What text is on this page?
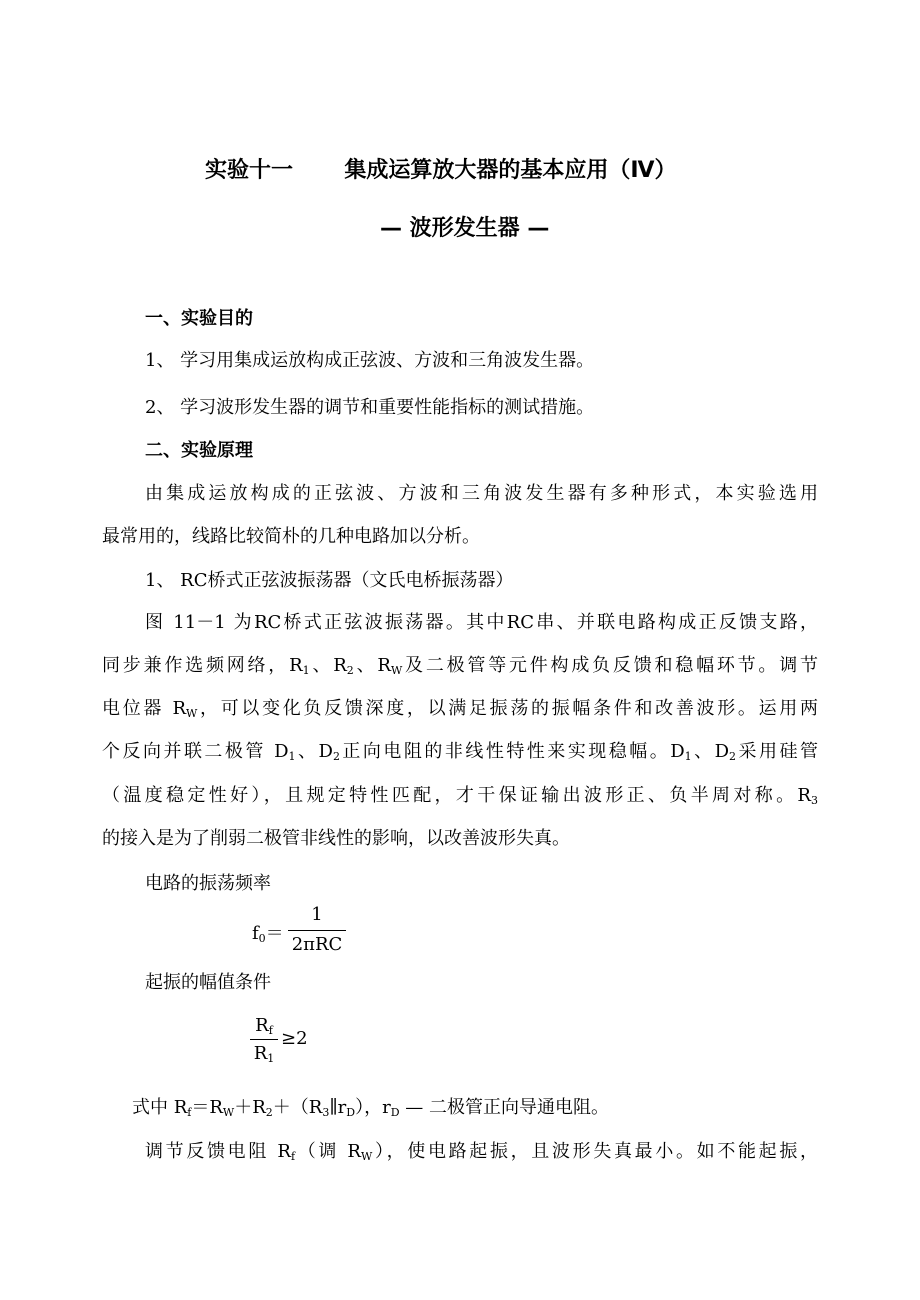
实验十一 集成运算放大器的基本应用（Ⅳ）
— 波形发生器 —
一、实验目的
1、 学习用集成运放构成正弦波、方波和三角波发生器。
2、 学习波形发生器的调节和重要性能指标的测试措施。
二、实验原理
由集成运放构成的正弦波、方波和三角波发生器有多种形式，本实验选用
最常用的，线路比较简朴的几种电路加以分析。
1、 RC桥式正弦波振荡器（文氏电桥振荡器）
图 11－1 为RC桥式正弦波振荡器。其中RC串、并联电路构成正反馈支路，
同步兼作选频网络，$R_1$、$R_2$、$R_W$及二极管等元件构成负反馈和稳幅环节。调节
电位器 $R_W$，可以变化负反馈深度，以满足振荡的振幅条件和改善波形。运用两
个反向并联二极管 $D_1$、$D_2$正向电阻的非线性特性来实现稳幅。$D_1$、$D_2$采用硅管
（温度稳定性好），且规定特性匹配，才干保证输出波形正、负半周对称。$R_3$
的接入是为了削弱二极管非线性的影响，以改善波形失真。
电路的振荡频率
$f_0=$
1
2πRC
起振的幅值条件
$R_f$
$R_1$
≥2
式中 $R_f=R_W+R_2+(R_3\parallel r_D)$，$r_D$ — 二极管正向导通电阻。
调节反馈电阻 $R_f$（调 $R_W$），使电路起振，且波形失真最小。如不能起振，
